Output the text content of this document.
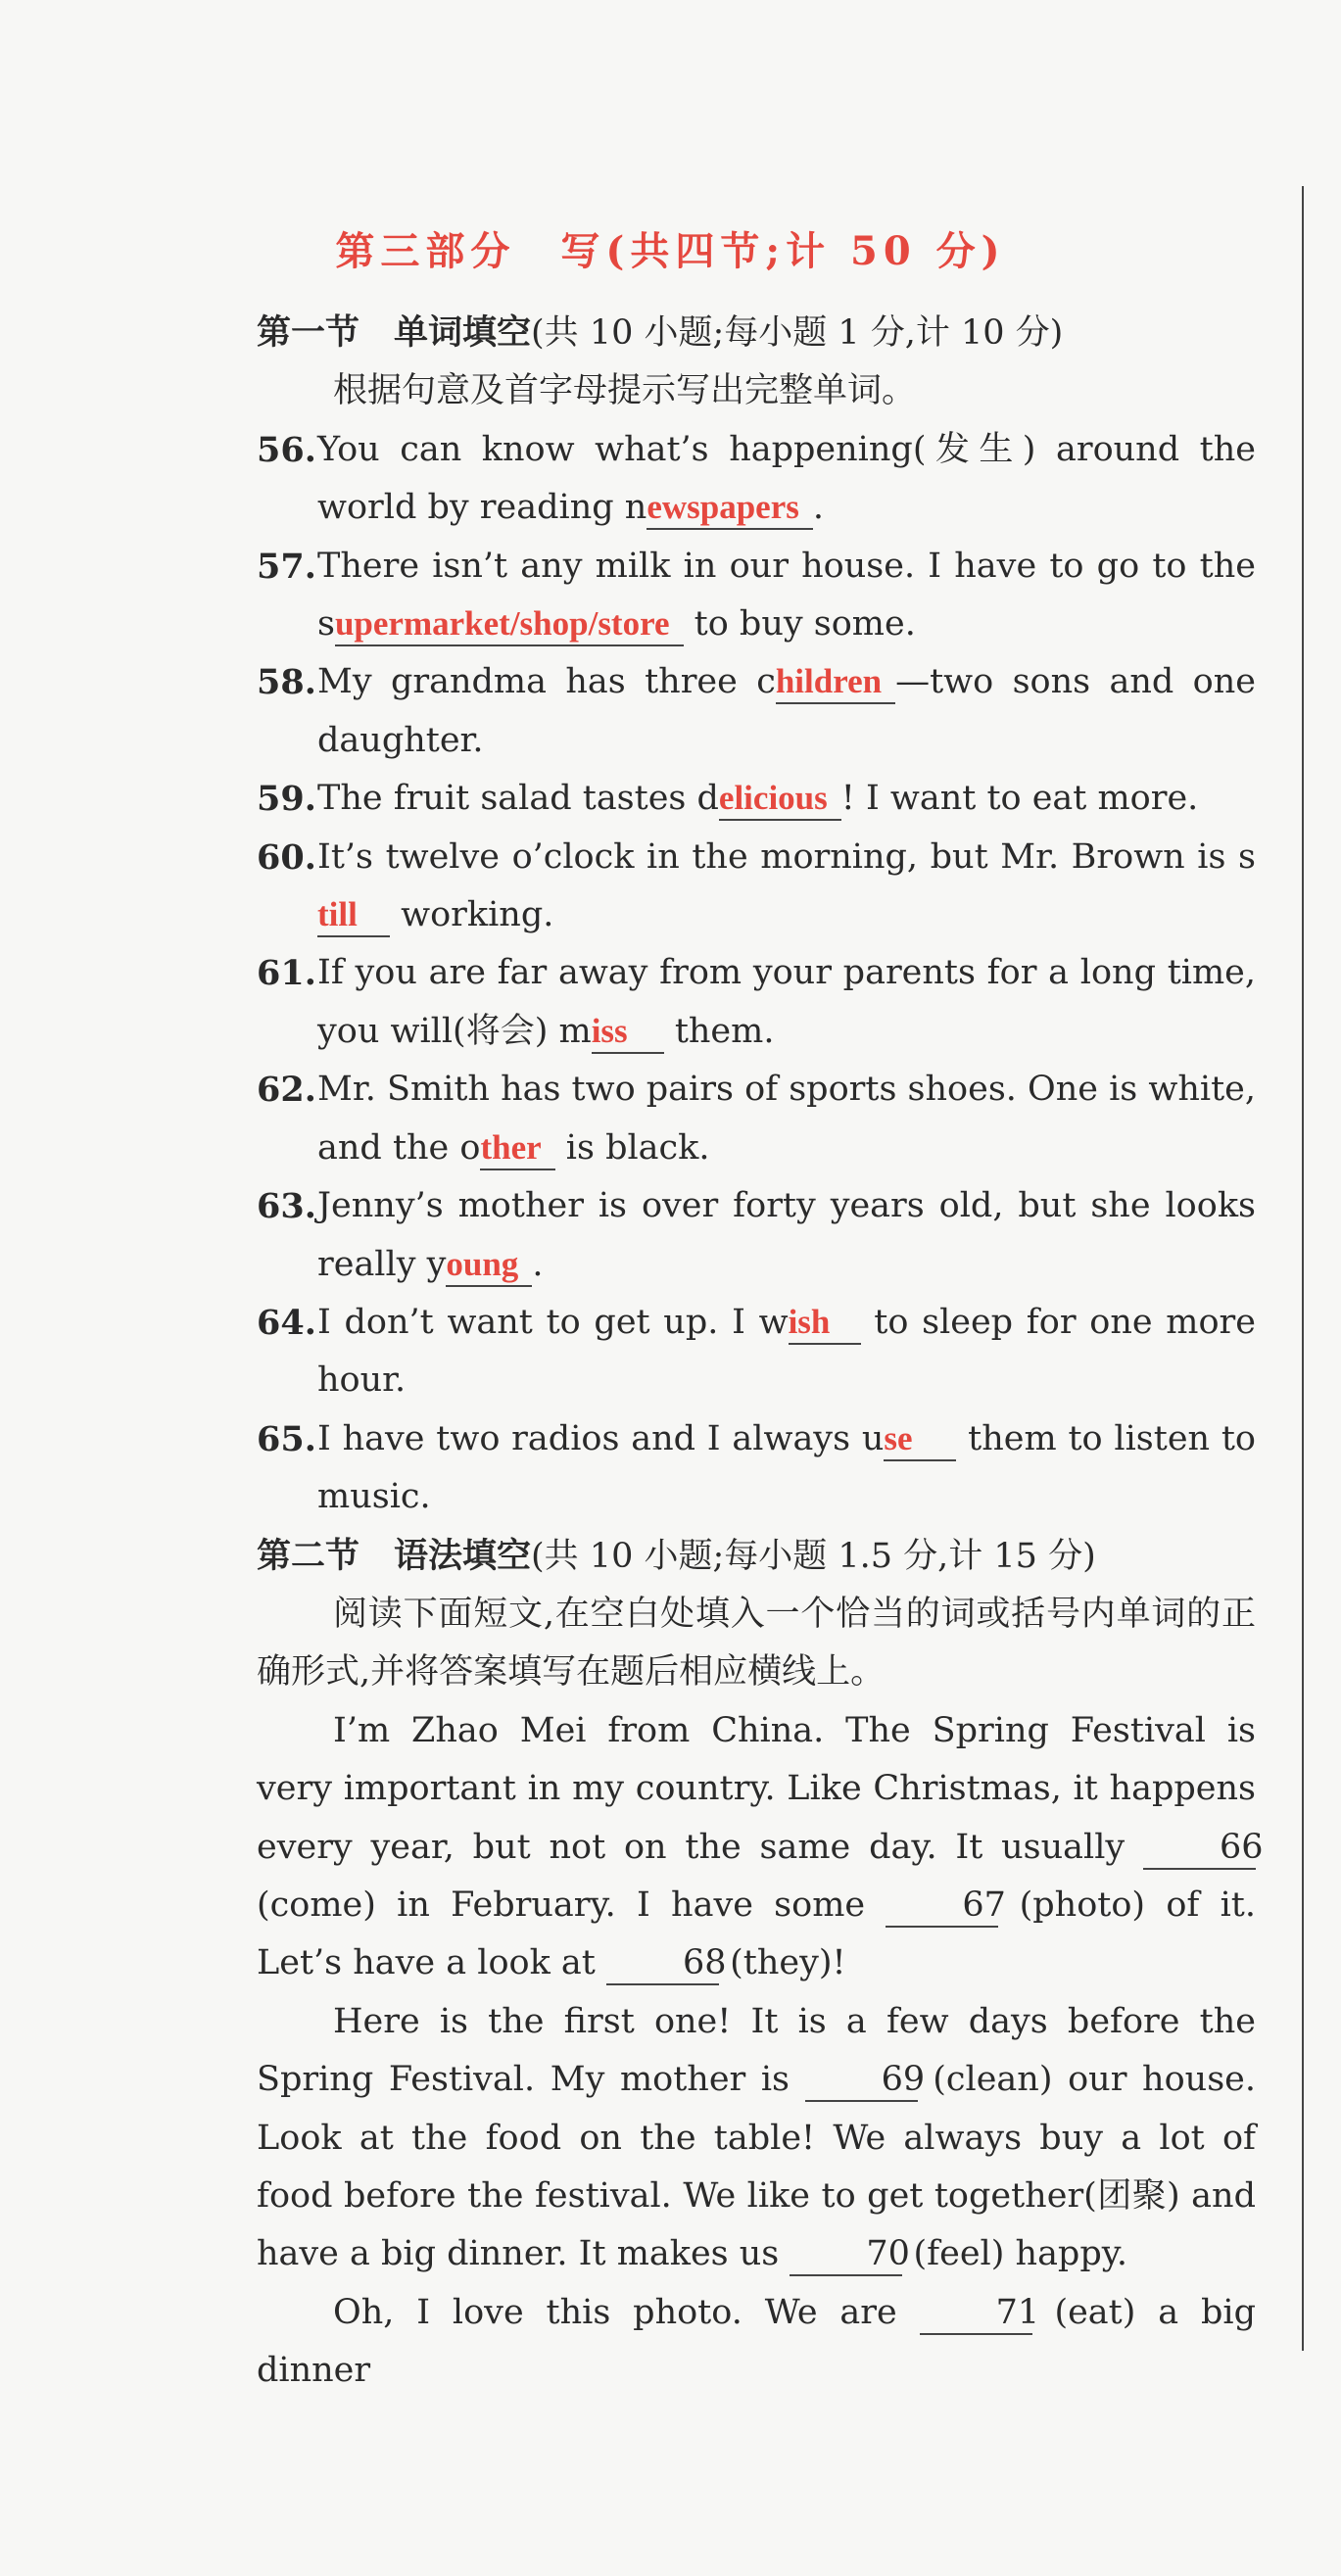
第三部分　写(共四节;计 50 分)
第一节　单词填空(共 10 小题;每小题 1 分,计 10 分)
根据句意及首字母提示写出完整单词。
56. You can know what’s happening(发生) around the world by reading newspapers .
57. There isn’t any milk in our house. I have to go to the supermarket/shop/store to buy some.
58. My grandma has three children —two sons and one daughter.
59. The fruit salad tastes delicious ! I want to eat more.
60. It’s twelve o’clock in the morning, but Mr. Brown is still working.
61. If you are far away from your parents for a long time, you will(将会) miss them.
62. Mr. Smith has two pairs of sports shoes. One is white, and the other is black.
63. Jenny’s mother is over forty years old, but she looks really young .
64. I don’t want to get up. I wish to sleep for one more hour.
65. I have two radios and I always use them to listen to music.
第二节　语法填空(共 10 小题;每小题 1.5 分,计 15 分)
阅读下面短文,在空白处填入一个恰当的词或括号内单词的正确形式,并将答案填写在题后相应横线上。
I’m Zhao Mei from China. The Spring Festival is very important in my country. Like Christmas, it happens every year, but not on the same day. It usually 66 (come) in February. I have some 67 (photo) of it. Let’s have a look at 68 (they)!
Here is the first one! It is a few days before the Spring Festival. My mother is 69 (clean) our house. Look at the food on the table! We always buy a lot of food before the festival. We like to get together(团聚) and have a big dinner. It makes us 70 (feel) happy.
Oh, I love this photo. We are 71 (eat) a big dinner
